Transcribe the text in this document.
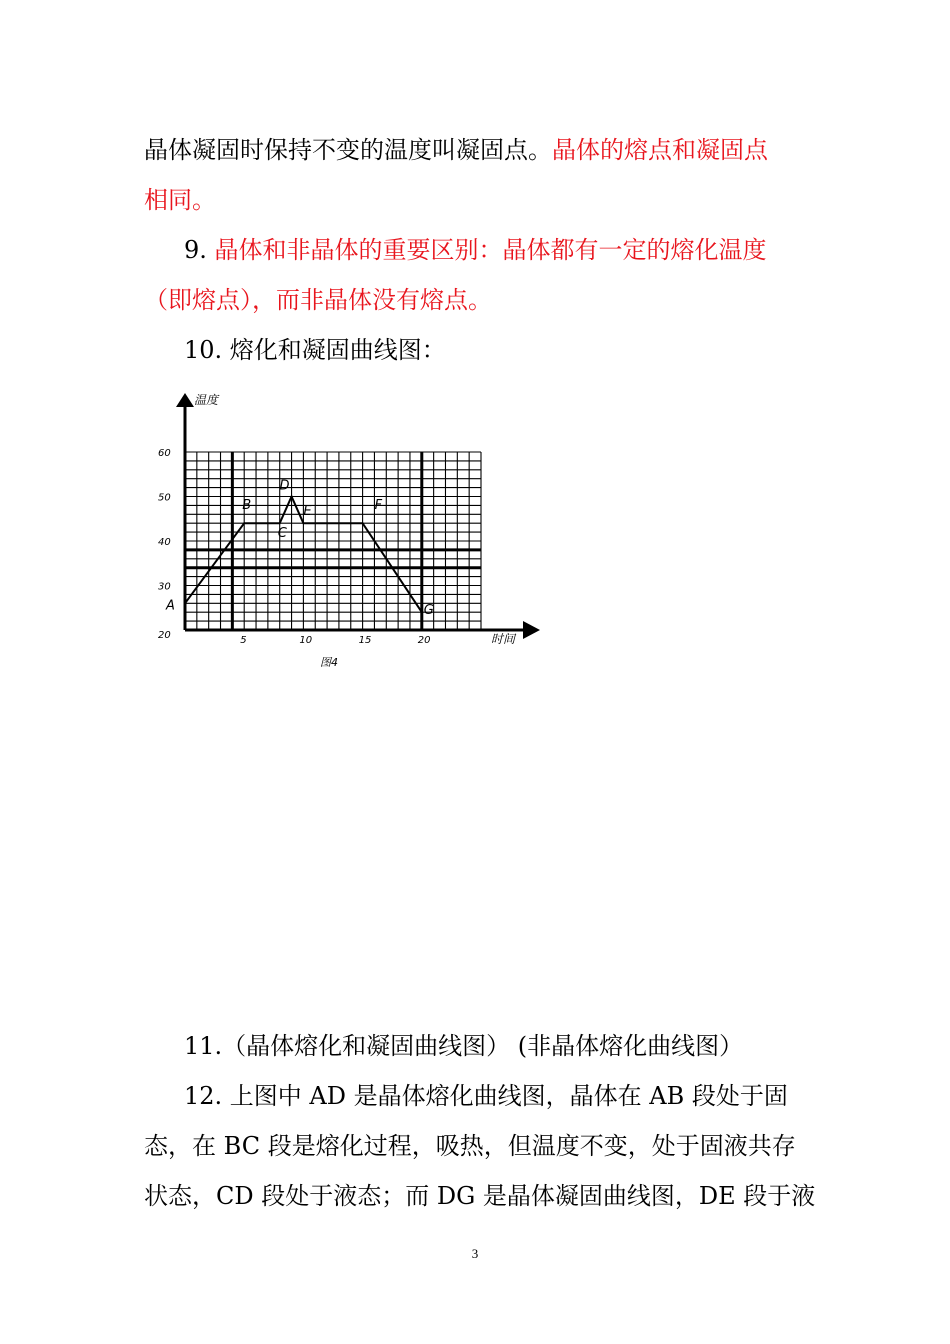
晶体凝固时保持不变的温度叫凝固点。晶体的熔点和凝固点
相同。
9. 晶体和非晶体的重要区别：晶体都有一定的熔化温度
（即熔点），而非晶体没有熔点。
10. 熔化和凝固曲线图：
60
50
40
30
20	5	10	15	20
A
B
C
D
E	F
G
温度
时间
图4
11.（晶体熔化和凝固曲线图） (非晶体熔化曲线图）
12. 上图中 AD 是晶体熔化曲线图，晶体在 AB 段处于固
态，在 BC 段是熔化过程，吸热，但温度不变，处于固液共存
状态，CD 段处于液态；而 DG 是晶体凝固曲线图，DE 段于液
3
